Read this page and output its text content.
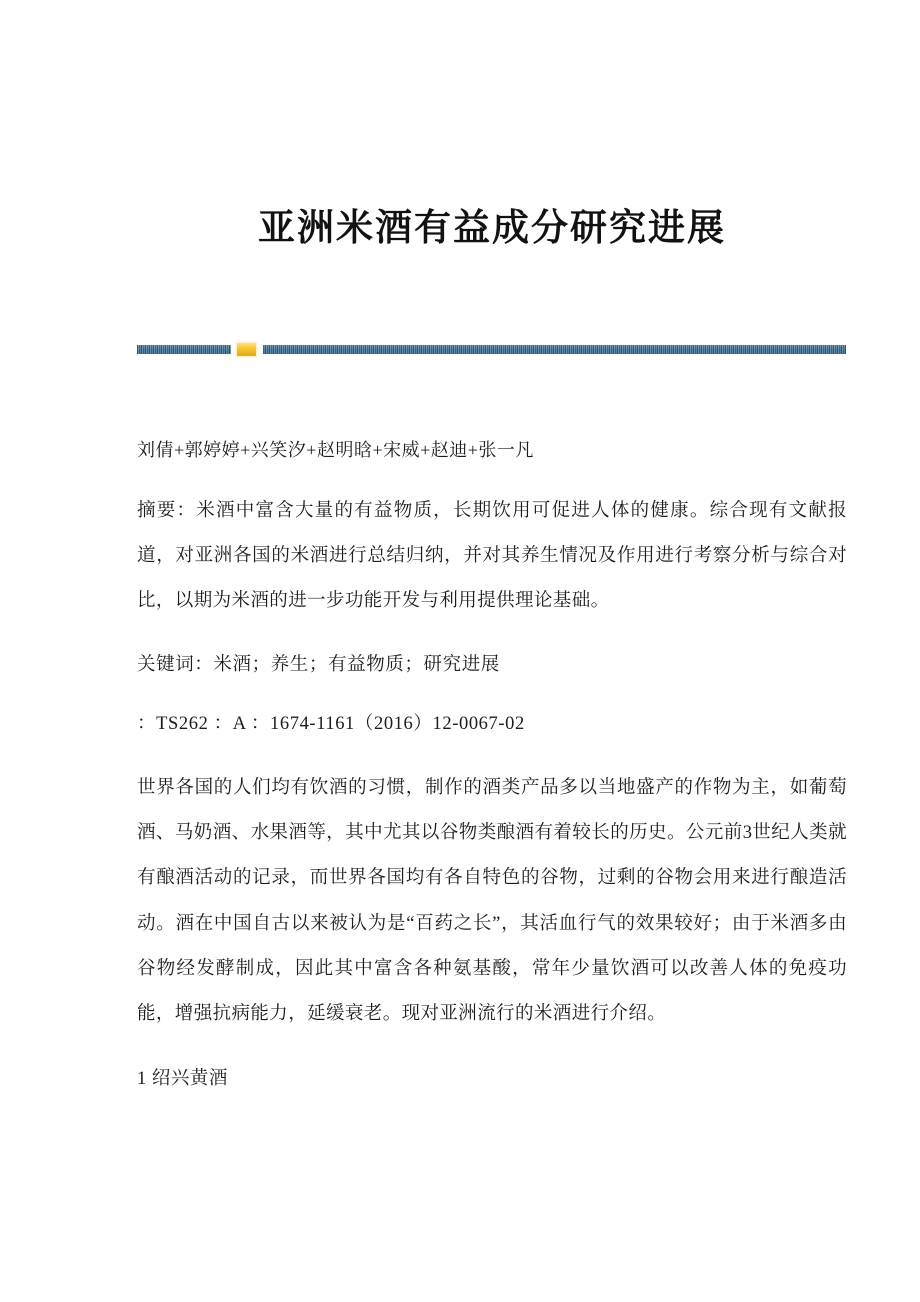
亚洲米酒有益成分研究进展

刘倩+郭婷婷+兴笑汐+赵明晗+宋威+赵迪+张一凡

摘要：米酒中富含大量的有益物质，长期饮用可促进人体的健康。综合现有文献报道，对亚洲各国的米酒进行总结归纳，并对其养生情况及作用进行考察分析与综合对比，以期为米酒的进一步功能开发与利用提供理论基础。

关键词：米酒；养生；有益物质；研究进展

：TS262 ：A ：1674-1161（2016）12-0067-02

世界各国的人们均有饮酒的习惯，制作的酒类产品多以当地盛产的作物为主，如葡萄酒、马奶酒、水果酒等，其中尤其以谷物类酿酒有着较长的历史。公元前3世纪人类就有酿酒活动的记录，而世界各国均有各自特色的谷物，过剩的谷物会用来进行酿造活动。酒在中国自古以来被认为是“百药之长”，其活血行气的效果较好；由于米酒多由谷物经发酵制成，因此其中富含各种氨基酸，常年少量饮酒可以改善人体的免疫功能，增强抗病能力，延缓衰老。现对亚洲流行的米酒进行介绍。

1 绍兴黄酒
